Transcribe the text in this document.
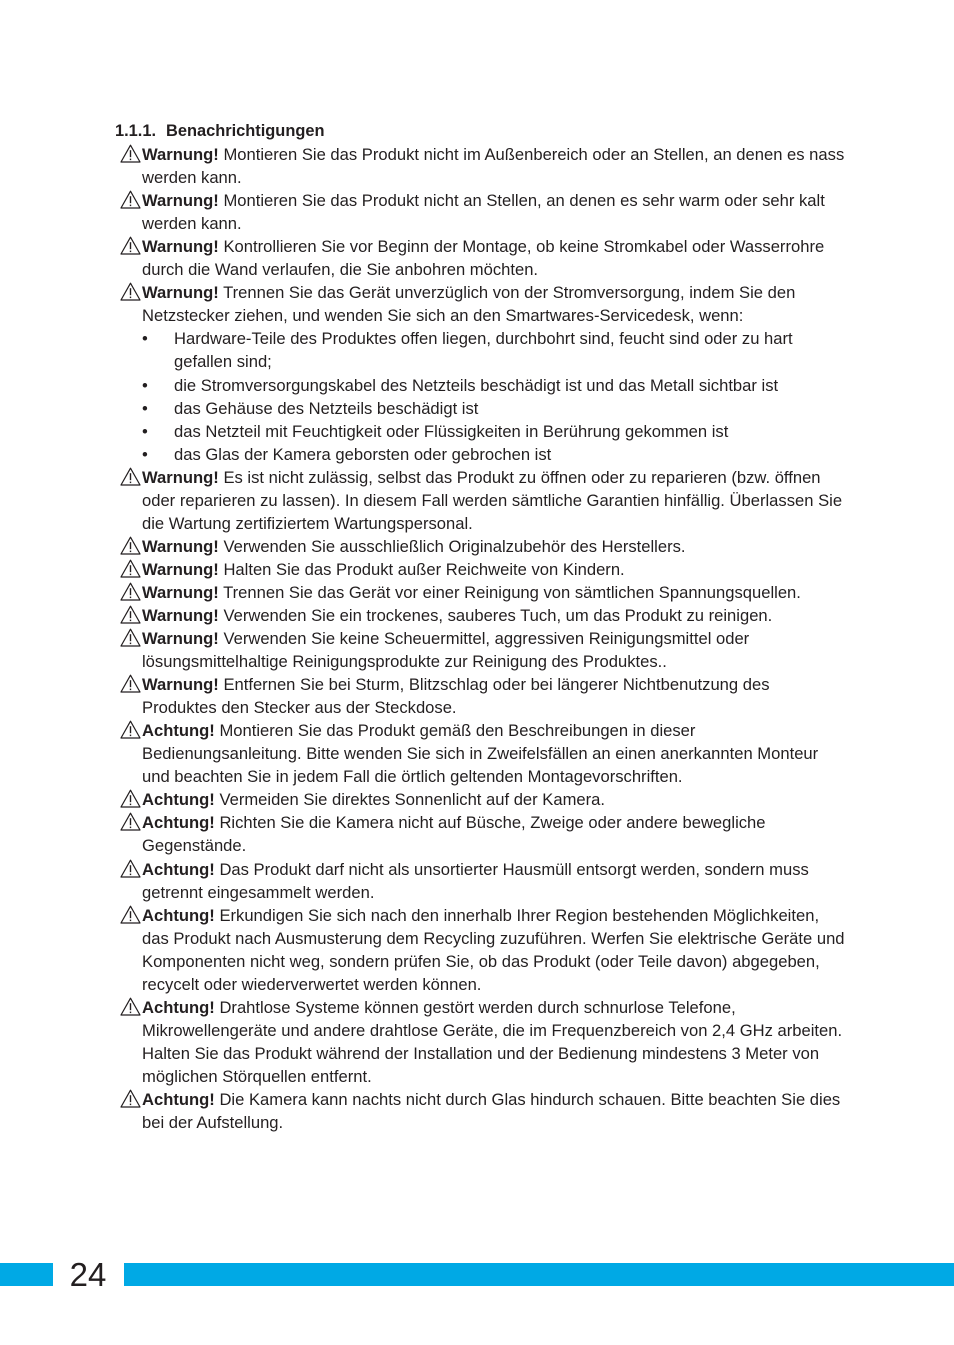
1.1.1. Benachrichtigungen
Warnung! Montieren Sie das Produkt nicht im Außenbereich oder an Stellen, an denen es nass werden kann.
Warnung! Montieren Sie das Produkt nicht an Stellen, an denen es sehr warm oder sehr kalt werden kann.
Warnung! Kontrollieren Sie vor Beginn der Montage, ob keine Stromkabel oder Wasserrohre durch die Wand verlaufen, die Sie anbohren möchten.
Warnung! Trennen Sie das Gerät unverzüglich von der Stromversorgung, indem Sie den Netzstecker ziehen, und wenden Sie sich an den Smartwares-Servicedesk, wenn:
• Hardware-Teile des Produktes offen liegen, durchbohrt sind, feucht sind oder zu hart gefallen sind;
• die Stromversorgungskabel des Netzteils beschädigt ist und das Metall sichtbar ist
• das Gehäuse des Netzteils beschädigt ist
• das Netzteil mit Feuchtigkeit oder Flüssigkeiten in Berührung gekommen ist
• das Glas der Kamera geborsten oder gebrochen ist
Warnung! Es ist nicht zulässig, selbst das Produkt zu öffnen oder zu reparieren (bzw. öffnen oder reparieren zu lassen). In diesem Fall werden sämtliche Garantien hinfällig. Überlassen Sie die Wartung zertifiziertem Wartungspersonal.
Warnung! Verwenden Sie ausschließlich Originalzubehör des Herstellers.
Warnung! Halten Sie das Produkt außer Reichweite von Kindern.
Warnung! Trennen Sie das Gerät vor einer Reinigung von sämtlichen Spannungsquellen.
Warnung! Verwenden Sie ein trockenes, sauberes Tuch, um das Produkt zu reinigen.
Warnung! Verwenden Sie keine Scheuermittel, aggressiven Reinigungsmittel oder lösungsmittelhaltige Reinigungsprodukte zur Reinigung des Produktes..
Warnung! Entfernen Sie bei Sturm, Blitzschlag oder bei längerer Nichtbenutzung des Produktes den Stecker aus der Steckdose.
Achtung! Montieren Sie das Produkt gemäß den Beschreibungen in dieser Bedienungsanleitung. Bitte wenden Sie sich in Zweifelsfällen an einen anerkannten Monteur und beachten Sie in jedem Fall die örtlich geltenden Montagevorschriften.
Achtung! Vermeiden Sie direktes Sonnenlicht auf der Kamera.
Achtung! Richten Sie die Kamera nicht auf Büsche, Zweige oder andere bewegliche Gegenstände.
Achtung! Das Produkt darf nicht als unsortierter Hausmüll entsorgt werden, sondern muss getrennt eingesammelt werden.
Achtung! Erkundigen Sie sich nach den innerhalb Ihrer Region bestehenden Möglichkeiten, das Produkt nach Ausmusterung dem Recycling zuzuführen. Werfen Sie elektrische Geräte und Komponenten nicht weg, sondern prüfen Sie, ob das Produkt (oder Teile davon) abgegeben, recycelt oder wiederverwertet werden können.
Achtung! Drahtlose Systeme können gestört werden durch schnurlose Telefone, Mikrowellengeräte und andere drahtlose Geräte, die im Frequenzbereich von 2,4 GHz arbeiten. Halten Sie das Produkt während der Installation und der Bedienung mindestens 3 Meter von möglichen Störquellen entfernt.
Achtung! Die Kamera kann nachts nicht durch Glas hindurch schauen. Bitte beachten Sie dies bei der Aufstellung.
24
